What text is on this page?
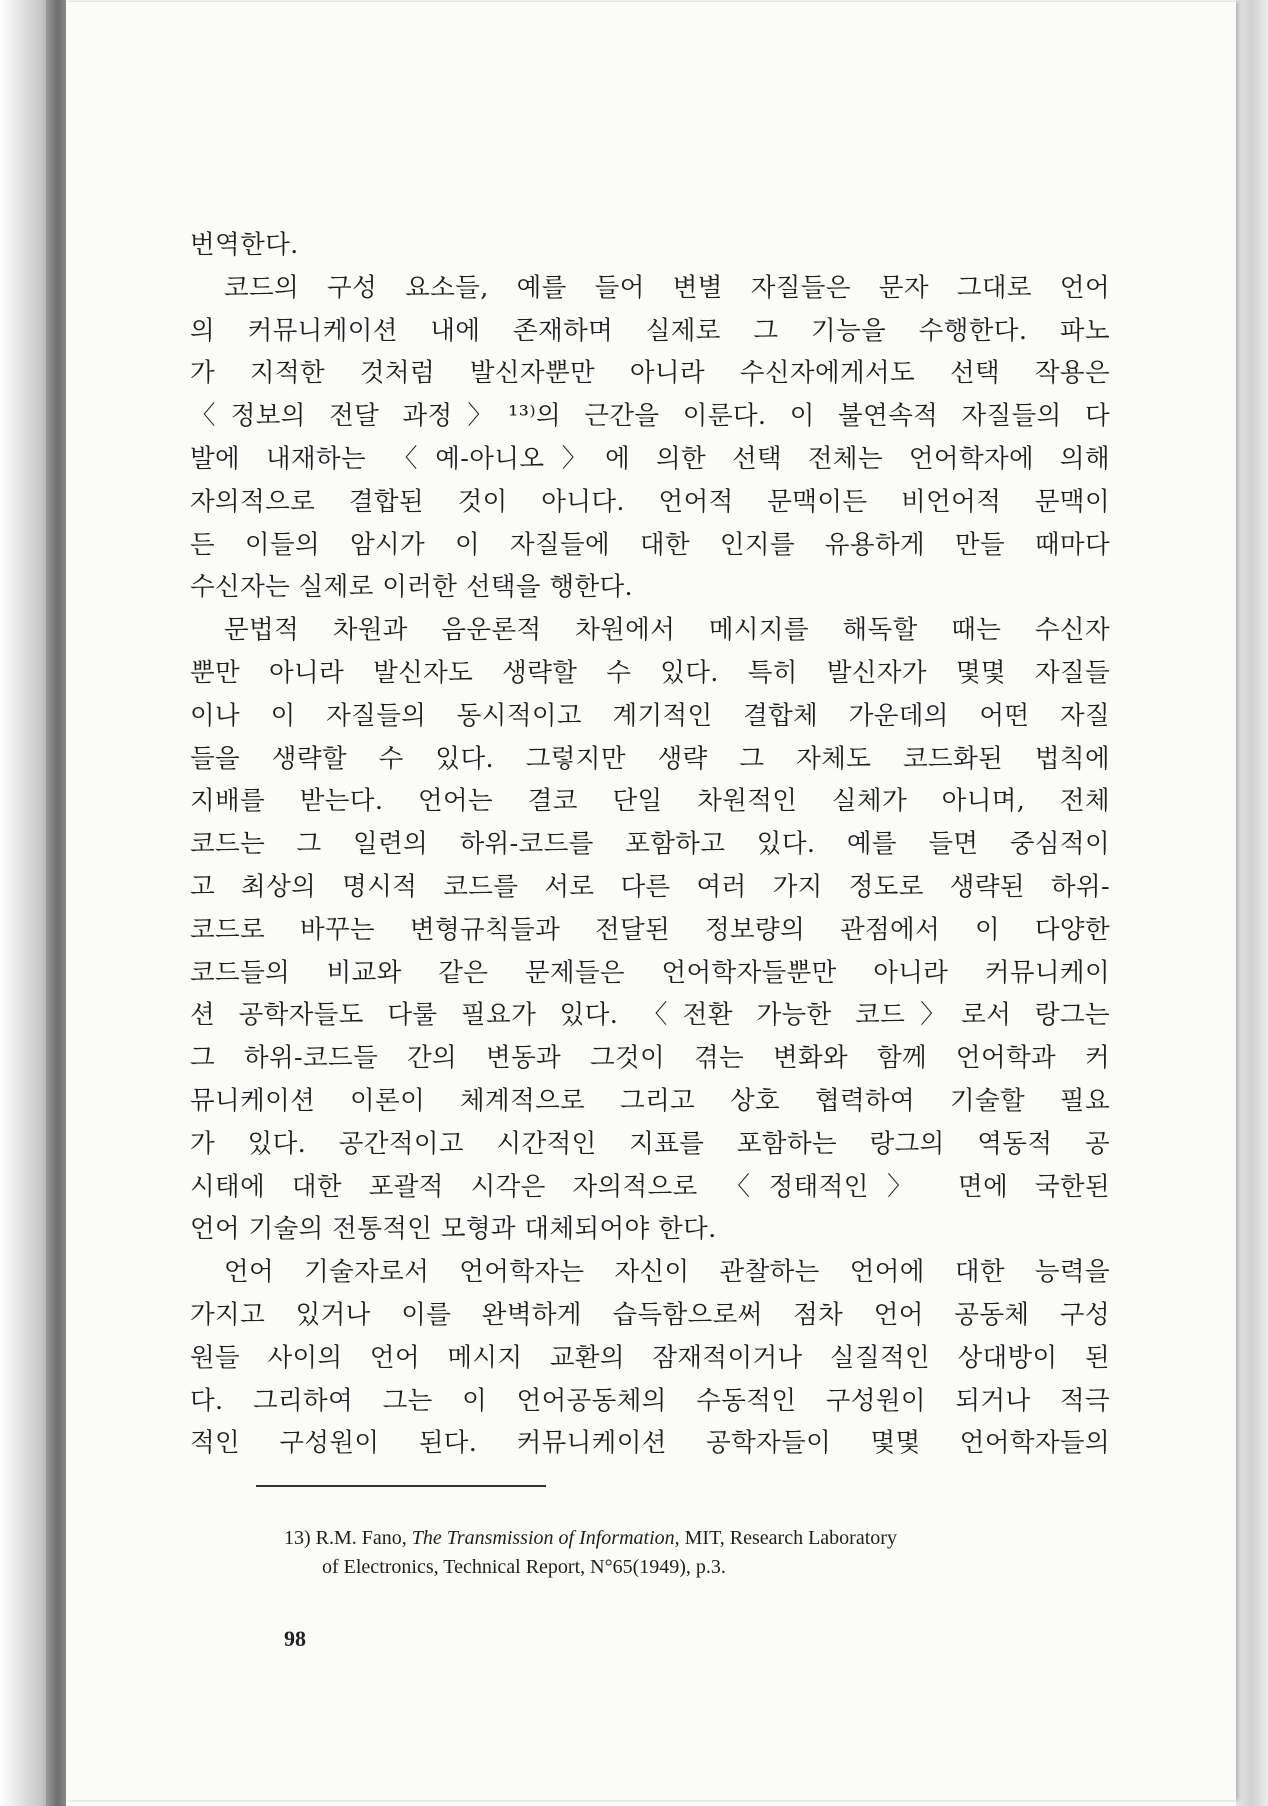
번역한다.
코드의 구성 요소들, 예를 들어 변별 자질들은 문자 그대로 언어
의 커뮤니케이션 내에 존재하며 실제로 그 기능을 수행한다. 파노
가 지적한 것처럼 발신자뿐만 아니라 수신자에게서도 선택 작용은
〈정보의 전달 과정〉¹³⁾의 근간을 이룬다. 이 불연속적 자질들의 다
발에 내재하는 〈예-아니오〉에 의한 선택 전체는 언어학자에 의해
자의적으로 결합된 것이 아니다. 언어적 문맥이든 비언어적 문맥이
든 이들의 암시가 이 자질들에 대한 인지를 유용하게 만들 때마다
수신자는 실제로 이러한 선택을 행한다.
문법적 차원과 음운론적 차원에서 메시지를 해독할 때는 수신자
뿐만 아니라 발신자도 생략할 수 있다. 특히 발신자가 몇몇 자질들
이나 이 자질들의 동시적이고 계기적인 결합체 가운데의 어떤 자질
들을 생략할 수 있다. 그렇지만 생략 그 자체도 코드화된 법칙에
지배를 받는다. 언어는 결코 단일 차원적인 실체가 아니며, 전체
코드는 그 일련의 하위-코드를 포함하고 있다. 예를 들면 중심적이
고 최상의 명시적 코드를 서로 다른 여러 가지 정도로 생략된 하위-
코드로 바꾸는 변형규칙들과 전달된 정보량의 관점에서 이 다양한
코드들의 비교와 같은 문제들은 언어학자들뿐만 아니라 커뮤니케이
션 공학자들도 다룰 필요가 있다. 〈전환 가능한 코드〉로서 랑그는
그 하위-코드들 간의 변동과 그것이 겪는 변화와 함께 언어학과 커
뮤니케이션 이론이 체계적으로 그리고 상호 협력하여 기술할 필요
가 있다. 공간적이고 시간적인 지표를 포함하는 랑그의 역동적 공
시태에 대한 포괄적 시각은 자의적으로 〈정태적인〉 면에 국한된
언어 기술의 전통적인 모형과 대체되어야 한다.
언어 기술자로서 언어학자는 자신이 관찰하는 언어에 대한 능력을
가지고 있거나 이를 완벽하게 습득함으로써 점차 언어 공동체 구성
원들 사이의 언어 메시지 교환의 잠재적이거나 실질적인 상대방이 된
다. 그리하여 그는 이 언어공동체의 수동적인 구성원이 되거나 적극
적인 구성원이 된다. 커뮤니케이션 공학자들이 몇몇 언어학자들의
13) R.M. Fano, The Transmission of Information, MIT, Research Laboratory
of Electronics, Technical Report, N°65(1949), p.3.
98
